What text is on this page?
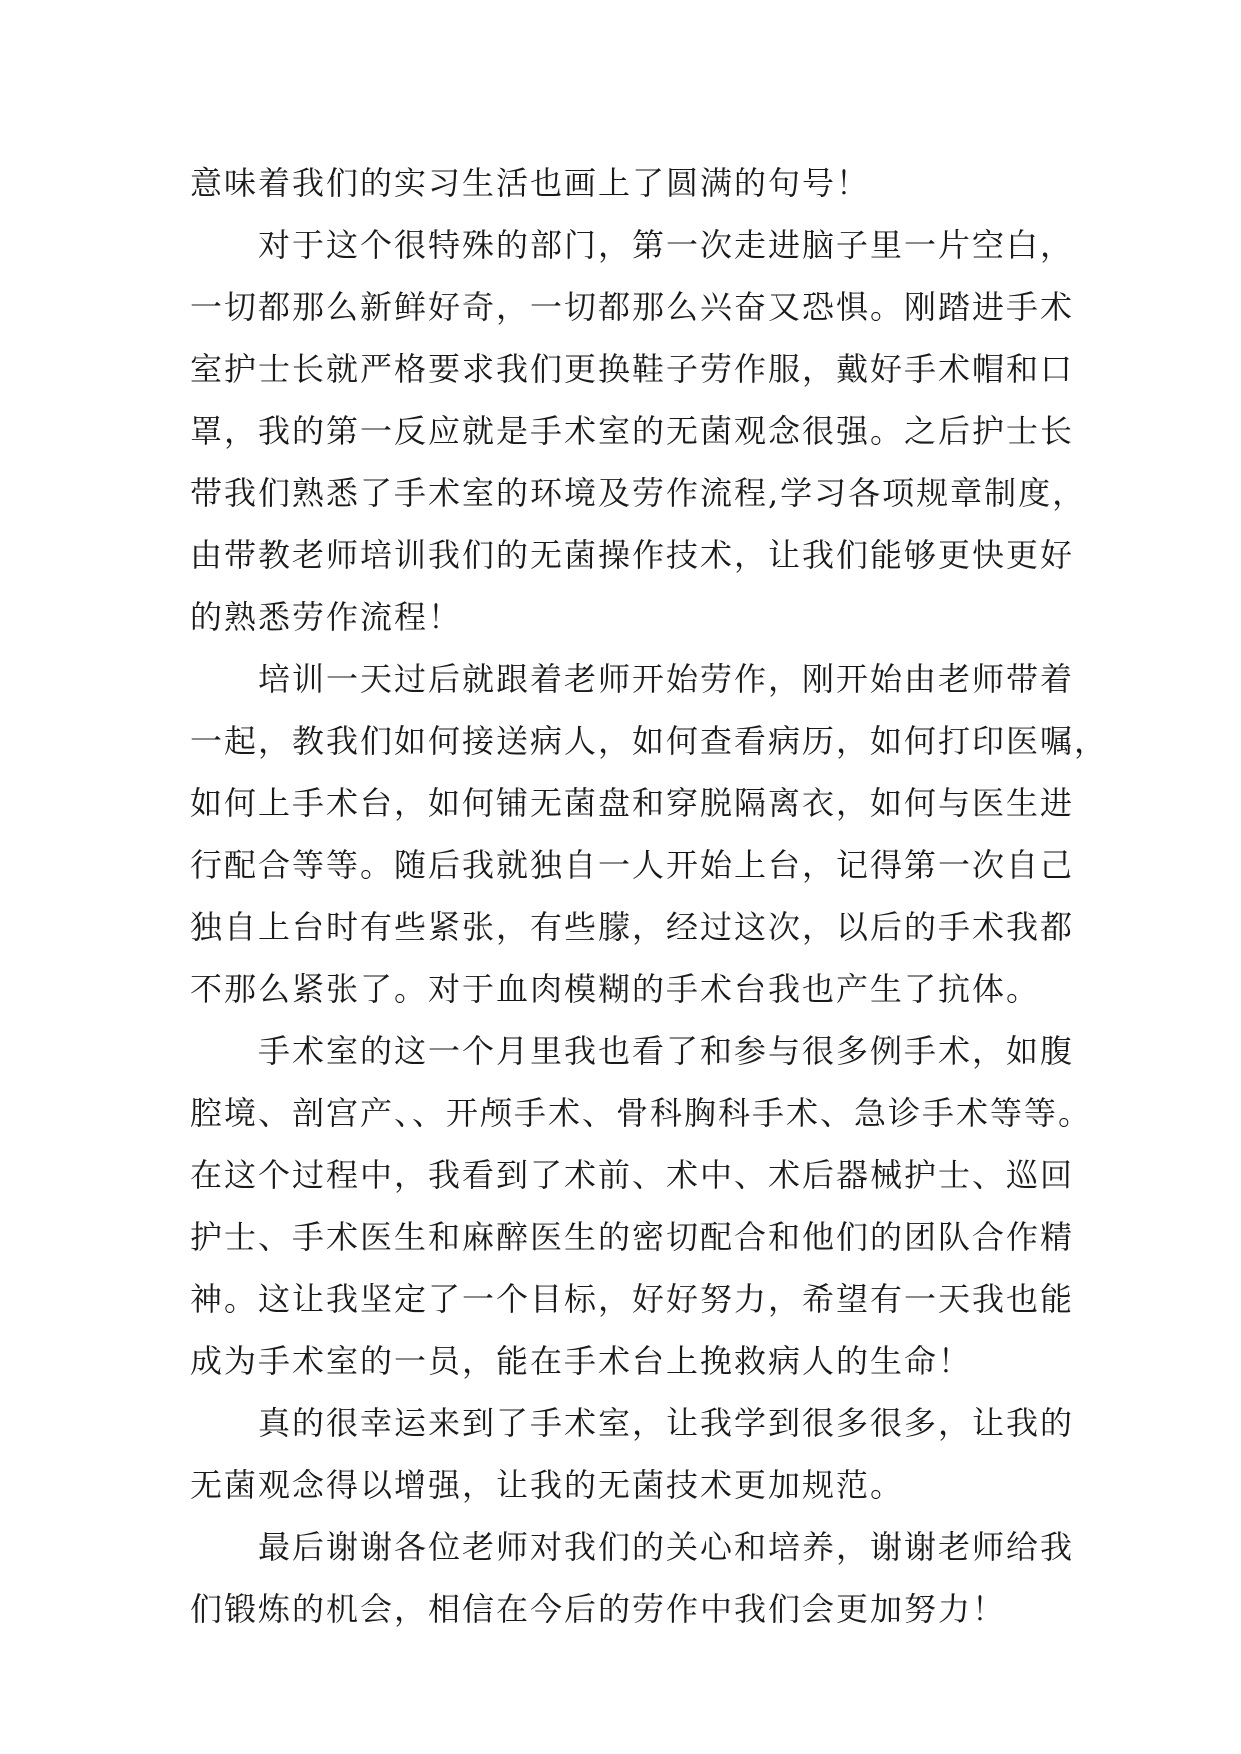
意味着我们的实习生活也画上了圆满的句号！
对于这个很特殊的部门，第一次走进脑子里一片空白，
一切都那么新鲜好奇，一切都那么兴奋又恐惧。刚踏进手术
室护士长就严格要求我们更换鞋子劳作服，戴好手术帽和口
罩，我的第一反应就是手术室的无菌观念很强。之后护士长
带我们熟悉了手术室的环境及劳作流程,学习各项规章制度，
由带教老师培训我们的无菌操作技术，让我们能够更快更好
的熟悉劳作流程！
培训一天过后就跟着老师开始劳作，刚开始由老师带着
一起，教我们如何接送病人，如何查看病历，如何打印医嘱，
如何上手术台，如何铺无菌盘和穿脱隔离衣，如何与医生进
行配合等等。随后我就独自一人开始上台，记得第一次自己
独自上台时有些紧张，有些朦，经过这次，以后的手术我都
不那么紧张了。对于血肉模糊的手术台我也产生了抗体。
手术室的这一个月里我也看了和参与很多例手术，如腹
腔境、剖宫产、、开颅手术、骨科胸科手术、急诊手术等等。
在这个过程中，我看到了术前、术中、术后器械护士、巡回
护士、手术医生和麻醉医生的密切配合和他们的团队合作精
神。这让我坚定了一个目标，好好努力，希望有一天我也能
成为手术室的一员，能在手术台上挽救病人的生命！
真的很幸运来到了手术室，让我学到很多很多，让我的
无菌观念得以增强，让我的无菌技术更加规范。
最后谢谢各位老师对我们的关心和培养，谢谢老师给我
们锻炼的机会，相信在今后的劳作中我们会更加努力！
